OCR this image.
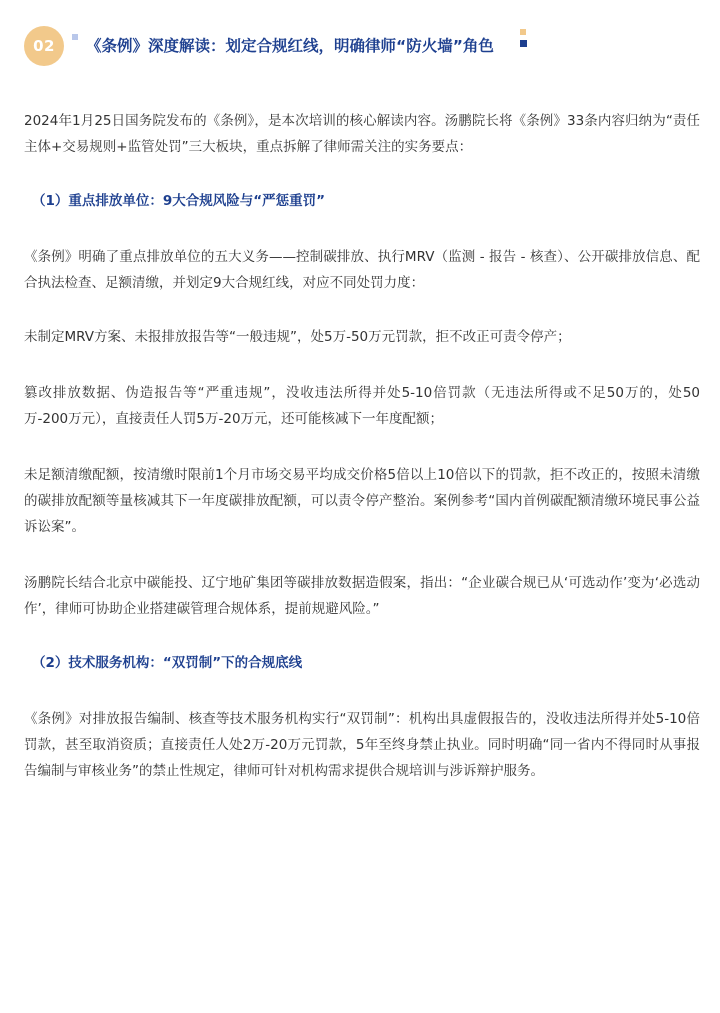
02	《条例》深度解读：划定合规红线，明确律师“防火墙”角色

2024年1月25日国务院发布的《条例》，是本次培训的核心解读内容。汤鹏院长将《条例》33条内容归纳为“责任主体+交易规则+监管处罚”三大板块，重点拆解了律师需关注的实务要点：

（1）重点排放单位：9大合规风险与“严惩重罚”

《条例》明确了重点排放单位的五大义务——控制碳排放、执行MRV（监测 - 报告 - 核查）、公开碳排放信息、配合执法检查、足额清缴，并划定9大合规红线，对应不同处罚力度：

未制定MRV方案、未报排放报告等“一般违规”，处5万-50万元罚款，拒不改正可责令停产；

篡改排放数据、伪造报告等“严重违规”，没收违法所得并处5-10倍罚款（无违法所得或不足50万的，处50万-200万元），直接责任人罚5万-20万元，还可能核减下一年度配额；

未足额清缴配额，按清缴时限前1个月市场交易平均成交价格5倍以上10倍以下的罚款，拒不改正的，按照未清缴的碳排放配额等量核减其下一年度碳排放配额，可以责令停产整治。案例参考“国内首例碳配额清缴环境民事公益诉讼案”。

汤鹏院长结合北京中碳能投、辽宁地矿集团等碳排放数据造假案，指出：“企业碳合规已从‘可选动作’变为‘必选动作’，律师可协助企业搭建碳管理合规体系，提前规避风险。”

（2）技术服务机构：“双罚制”下的合规底线

《条例》对排放报告编制、核查等技术服务机构实行“双罚制”：机构出具虚假报告的，没收违法所得并处5-10倍罚款，甚至取消资质；直接责任人处2万-20万元罚款，5年至终身禁止执业。同时明确“同一省内不得同时从事报告编制与审核业务”的禁止性规定，律师可针对机构需求提供合规培训与涉诉辩护服务。
